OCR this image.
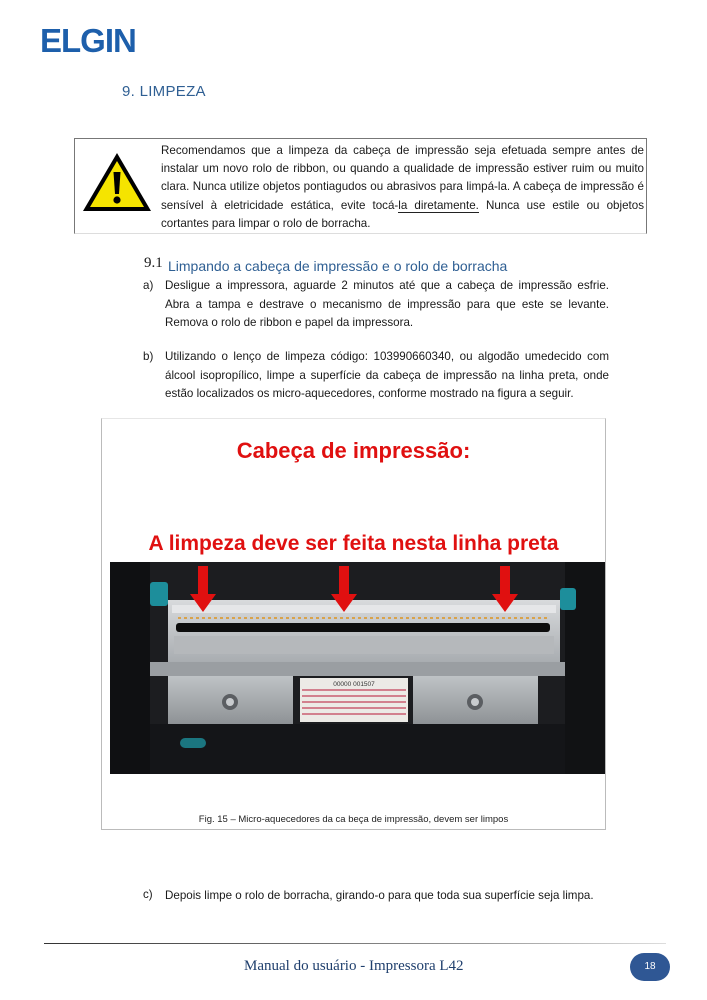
ELGIN
9. LIMPEZA
Recomendamos que a limpeza da cabeça de impressão seja efetuada sempre antes de instalar um novo rolo de ribbon, ou quando a qualidade de impressão estiver ruim ou muito clara. Nunca utilize objetos pontiagudos ou abrasivos para limpá-la. A cabeça de impressão é sensível à eletricidade estática, evite tocá-la diretamente. Nunca use estile ou objetos cortantes para limpar o rolo de borracha.
9.1 Limpando a cabeça de impressão e o rolo de borracha
a) Desligue a impressora, aguarde 2 minutos até que a cabeça de impressão esfrie. Abra a tampa e destrave o mecanismo de impressão para que este se levante. Remova o rolo de ribbon e papel da impressora.
b) Utilizando o lenço de limpeza código: 103990660340, ou algodão umedecido com álcool isopropílico, limpe a superfície da cabeça de impressão na linha preta, onde estão localizados os micro-aquecedores, conforme mostrado na figura a seguir.
Cabeça de impressão:
A limpeza deve ser feita nesta linha preta
00000 001507
Fig. 15 – Micro-aquecedores da ca beça de impressão, devem ser limpos
c) Depois limpe o rolo de borracha, girando-o para que toda sua superfície seja limpa.
Manual do usuário - Impressora L42	18
